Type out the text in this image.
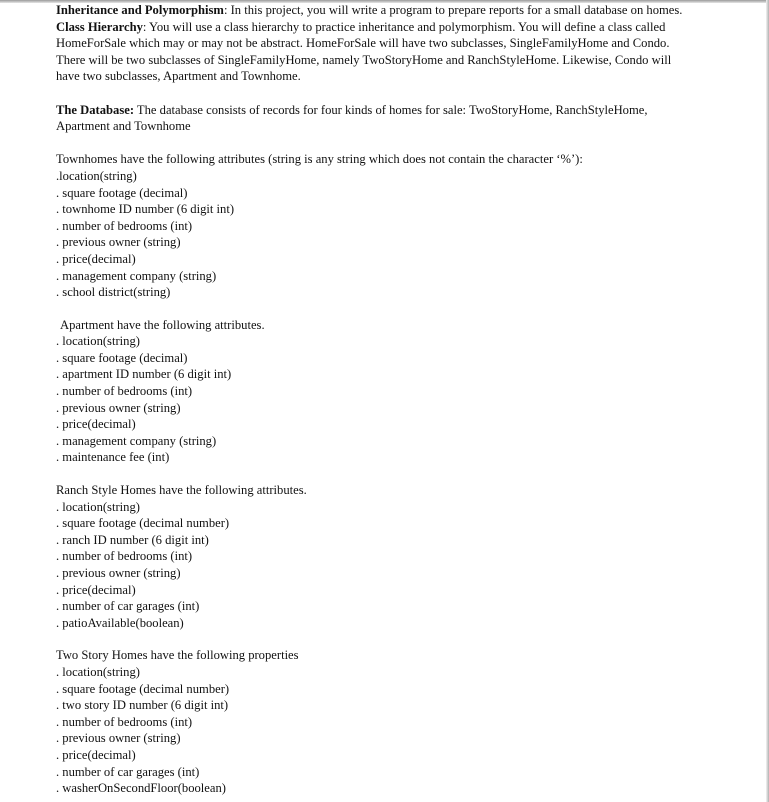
Inheritance and Polymorphism: In this project, you will write a program to prepare reports for a small database on homes.
Class Hierarchy: You will use a class hierarchy to practice inheritance and polymorphism. You will define a class called
HomeForSale which may or may not be abstract. HomeForSale will have two subclasses, SingleFamilyHome and Condo.
There will be two subclasses of SingleFamilyHome, namely TwoStoryHome and RanchStyleHome. Likewise, Condo will
have two subclasses, Apartment and Townhome.
The Database: The database consists of records for four kinds of homes for sale: TwoStoryHome, RanchStyleHome,
Apartment and Townhome
Townhomes have the following attributes (string is any string which does not contain the character ‘%’):
.location(string)
. square footage (decimal)
. townhome ID number (6 digit int)
. number of bedrooms (int)
. previous owner (string)
. price(decimal)
. management company (string)
. school district(string)
Apartment have the following attributes.
. location(string)
. square footage (decimal)
. apartment ID number (6 digit int)
. number of bedrooms (int)
. previous owner (string)
. price(decimal)
. management company (string)
. maintenance fee (int)
Ranch Style Homes have the following attributes.
. location(string)
. square footage (decimal number)
. ranch ID number (6 digit int)
. number of bedrooms (int)
. previous owner (string)
. price(decimal)
. number of car garages (int)
. patioAvailable(boolean)
Two Story Homes have the following properties
. location(string)
. square footage (decimal number)
. two story ID number (6 digit int)
. number of bedrooms (int)
. previous owner (string)
. price(decimal)
. number of car garages (int)
. washerOnSecondFloor(boolean)
